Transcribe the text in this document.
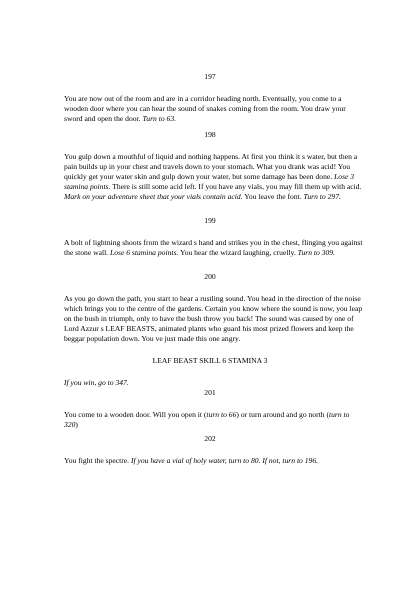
197

You are now out of the room and are in a corridor heading north. Eventually, you come to a wooden door where you can hear the sound of snakes coming from the room. You draw your sword and open the door. Turn to 63.

198

You gulp down a mouthful of liquid and nothing happens. At first you think it s water, but then a pain builds up in your chest and travels down to your stomach. What you drank was acid! You quickly get your water skin and gulp down your water, but some damage has been done. Lose 3 stamina points. There is still some acid left. If you have any vials, you may fill them up with acid. Mark on your adventure sheet that your vials contain acid. You leave the font. Turn to 297.

199

A bolt of lightning shoots from the wizard s hand and strikes you in the chest, flinging you against the stone wall. Lose 6 stamina points. You hear the wizard laughing, cruelly. Turn to 309.

200

As you go down the path, you start to hear a rustling sound. You head in the direction of the noise which brings you to the centre of the gardens. Certain you know where the sound is now, you leap on the bush in triumph, only to have the bush throw you back! The sound was caused by one of Lord Azzur s LEAF BEASTS, animated plants who guard his most prized flowers and keep the beggar population down. You ve just made this one angry.

LEAF BEAST SKILL 6 STAMINA 3

If you win, go to 347.

201

You come to a wooden door. Will you open it (turn to 66) or turn around and go north (turn to 320)

202

You fight the spectre. If you have a vial of holy water, turn to 80. If not, turn to 196.
